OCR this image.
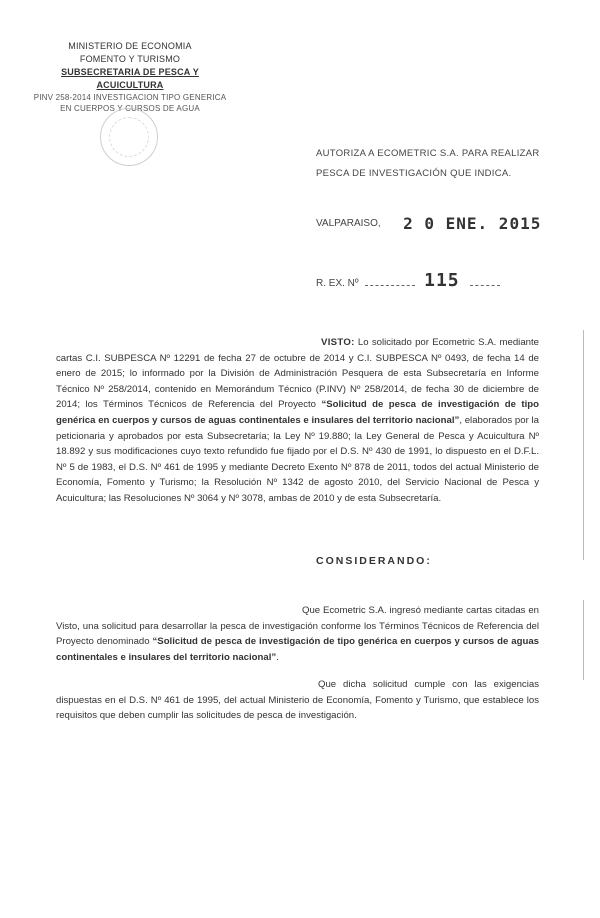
MINISTERIO DE ECONOMIA
FOMENTO Y TURISMO
SUBSECRETARIA DE PESCA Y ACUICULTURA
PINV 258-2014 INVESTIGACION TIPO GENERICA
EN CUERPOS Y CURSOS DE AGUA
AUTORIZA A ECOMETRIC S.A. PARA REALIZAR
PESCA DE INVESTIGACIÓN QUE INDICA.
VALPARAISO, 2 0 ENE. 2015
R. EX. Nº	115
VISTO: Lo solicitado por Ecometric S.A. mediante cartas C.I. SUBPESCA Nº 12291 de fecha 27 de octubre de 2014 y C.I. SUBPESCA Nº 0493, de fecha 14 de enero de 2015; lo informado por la División de Administración Pesquera de esta Subsecretaría en Informe Técnico Nº 258/2014, contenido en Memorándum Técnico (P.INV) Nº 258/2014, de fecha 30 de diciembre de 2014; los Términos Técnicos de Referencia del Proyecto “Solicitud de pesca de investigación de tipo genérica en cuerpos y cursos de aguas continentales e insulares del territorio nacional”, elaborados por la peticionaria y aprobados por esta Subsecretaría; la Ley Nº 19.880; la Ley General de Pesca y Acuicultura Nº 18.892 y sus modificaciones cuyo texto refundido fue fijado por el D.S. Nº 430 de 1991, lo dispuesto en el D.F.L. Nº 5 de 1983, el D.S. Nº 461 de 1995 y mediante Decreto Exento Nº 878 de 2011, todos del actual Ministerio de Economía, Fomento y Turismo; la Resolución Nº 1342 de agosto 2010, del Servicio Nacional de Pesca y Acuicultura; las Resoluciones Nº 3064 y Nº 3078, ambas de 2010 y de esta Subsecretaría.
CONSIDERANDO:
Que Ecometric S.A. ingresó mediante cartas citadas en Visto, una solicitud para desarrollar la pesca de investigación conforme los Términos Técnicos de Referencia del Proyecto denominado “Solicitud de pesca de investigación de tipo genérica en cuerpos y cursos de aguas continentales e insulares del territorio nacional”.
Que dicha solicitud cumple con las exigencias dispuestas en el D.S. Nº 461 de 1995, del actual Ministerio de Economía, Fomento y Turismo, que establece los requisitos que deben cumplir las solicitudes de pesca de investigación.
